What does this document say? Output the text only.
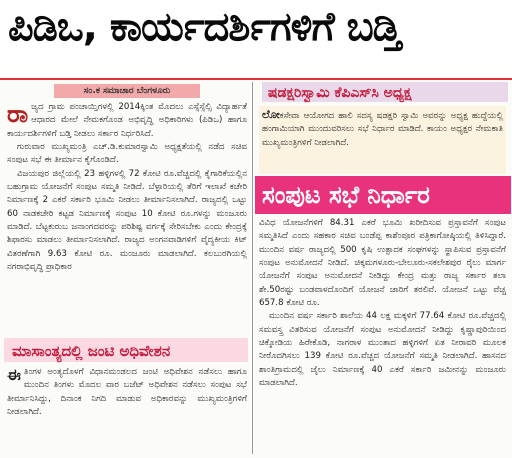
ಪಿಡಿಒ, ಕಾರ್ಯದರ್ಶಿಗಳಿಗೆ ಬಡ್ತಿ
ಸಂ.ಕ ಸಮಾಚಾರ ಬೆಂಗಳೂರು

ರಾಜ್ಯದ ಗ್ರಾಮ ಪಂಚಾಯ್ತಿಗಳಲ್ಲಿ 2014ಕ್ಕಿಂತ ಮೊದಲು ಎಸ್ಸೆಸ್ಸೆಲ್ಸಿ ವಿದ್ಯಾರ್ಹತೆ ಆಧಾರದ ಮೇಲೆ ನೇಮಕಗೊಂಡ ಅಭಿವೃದ್ಧಿ ಅಧಿಕಾರಿಗಳು (ಪಿಡಿಒ) ಹಾಗೂ ಕಾರ್ಯದರ್ಶಿಗಳಿಗೆ ಬಡ್ತಿ ನೀಡಲು ಸರ್ಕಾರ ನಿರ್ಧರಿಸಿದೆ.

ಗುರುವಾರ ಮುಖ್ಯಮಂತ್ರಿ ಎಚ್.ಡಿ.ಕುಮಾರಸ್ವಾಮಿ ಅಧ್ಯಕ್ಷತೆಯಲ್ಲಿ ನಡೆದ ಸಚಿವ ಸಂಪುಟ ಸಭೆ ಈ ತೀರ್ಮಾನ ಕೈಗೊಂಡಿದೆ.

ವಿಜಯಪುರ ಜಿಲ್ಲೆಯಲ್ಲಿ 23 ಹಳ್ಳಿಗಳಲ್ಲಿ 72 ಕೋಟಿ ರೂ.ವೆಚ್ಚದಲ್ಲಿ ಕೈಗಾರಿಕೆಯಲ್ಲಿನ ಬಹುಗ್ರಾಮ ಯೋಜನೆಗೆ ಸಂಪುಟ ಸಮ್ಮತಿ ನೀಡಿದೆ. ಬೆಳ್ಳಾರಿಯಲ್ಲಿ ತೆರಿಗೆ ಇಲಾಖೆ ಕಚೇರಿ ನಿರ್ಮಾಣಕ್ಕೆ 2 ಎಕರೆ ಸರ್ಕಾರಿ ಭೂಮಿ ನೀಡಲು ತೀರ್ಮಾನಿಸಲಾಗಿದೆ. ರಾಜ್ಯದಲ್ಲಿ ಒಟ್ಟು 60 ನಾಡಕಚೇರಿ ಕಟ್ಟಡ ನಿರ್ಮಾಣಕ್ಕೆ ಸಂಪುಟ 10 ಕೋಟಿ ರೂ.ಗಳನ್ನು ಮಂಜೂರು ಮಾಡಿದೆ. ಬೆಟ್ಟಕುರುಬ ಜನಾಂಗದವರನ್ನು ಪರಿಶಿಷ್ಟ ವರ್ಗಕ್ಕೆ ಸೇರಿಸಬೇಕು ಎಂದು ಕೇಂದ್ರಕ್ಕೆ ಶಿಫಾರಸು ಮಾಡಲು ತೀರ್ಮಾನಿಸಲಾಗಿದೆ. ರಾಜ್ಯದ ಅಂಗನವಾಡಿಗಳಿಗೆ ವೈದ್ಯಕೀಯ ಕಿಟ್ ವಿತರಣೆಗಾಗಿ 9.63 ಕೋಟಿ ರೂ. ಮಂಜೂರು ಮಾಡಲಾಗಿದೆ. ಕಲಬುರಗಿಯಲ್ಲಿ ನಗರಾಭಿವೃದ್ಧಿ ಪ್ರಾಧಿಕಾರ

ಷಡಕ್ಷರಿಸ್ವಾಮಿ ಕೆಪಿಎಸ್‌ಸಿ ಅಧ್ಯಕ್ಷ

ಲೋಕಸೇವಾ ಆಯೋಗದ ಹಾಲಿ ಸದಸ್ಯ ಷಡಕ್ಷರಿ ಸ್ವಾಮಿ ಅವರನ್ನು ಅಧ್ಯಕ್ಷ ಹುದ್ದೆಯಲ್ಲಿ ಹಂಗಾಮಿಯಾಗಿ ಮುಂದುವರಿಸಲು ಸಭೆ ನಿರ್ಧಾರ ಮಾಡಿದೆ. ಕಾಯಂ ಅಧ್ಯಕ್ಷರ ನೇಮಕಾತಿ ಮುಖ್ಯಮಂತ್ರಿಗಳಿಗೆ ನೀಡಲಾಗಿದೆ.

ಸಂಪುಟ ಸಭೆ ನಿರ್ಧಾರ

ವಿವಿಧ ಯೋಜನೆಗಳಿಗೆ 84.31 ಎಕರೆ ಭೂಮಿ ಖರೀದಿಸುವ ಪ್ರಸ್ತಾವನೆಗೆ ಸಂಪುಟ ಸಮ್ಮತಿಸಿದೆ ಎಂದು ಸಹಕಾರ ಸಚಿವ ಬಂಡೆಪ್ಪ ಕಾಶೆಂಪೂರ ಪತ್ರಿಕಾಗೋಷ್ಠಿಯಲ್ಲಿ ತಿಳಿಸಿದ್ದಾರೆ. ಮುಂದಿನ ವರ್ಷ ರಾಜ್ಯದಲ್ಲಿ 500 ಕೃಷಿ ಉತ್ಪಾದಕ ಸಂಘಗಳನ್ನು ಸ್ಥಾಪಿಸುವ ಪ್ರಸ್ತಾವನೆಗೆ ಸಂಪುಟ ಅನುಮೋದನೆ ನೀಡಿದೆ. ಚಿಕ್ಕಮಗಳೂರು-ಬೇಲೂರು-ಸಕಲೇಶಪುರ ರೈಲು ಮಾರ್ಗ ಯೋಜನೆಗೆ ಸಂಪುಟ ಅನುಮೋದನೆ ನೀಡಿದ್ದು ಕೇಂದ್ರ ಮತ್ತು ರಾಜ್ಯ ಸರ್ಕಾರ ತಲಾ ಶೇ.50ರಷ್ಟು ಬಂಡವಾಳದೊಂದಿಗೆ ಯೋಜನೆ ಜಾರಿಗೆ ತರಲಿವೆ. ಯೋಜನೆ ಒಟ್ಟು ವೆಚ್ಚ 657.8 ಕೋಟಿ ರೂ.

ಮುಂದಿನ ವರ್ಷ ಸರ್ಕಾರಿ ಶಾಲೆಯ 44 ಲಕ್ಷ ಮಕ್ಕಳಿಗೆ 77.64 ಕೋಟಿ ರೂ.ವೆಚ್ಚದಲ್ಲಿ ಸಮವಸ್ತ್ರ ವಿತರಿಸುವ ಯೋಜನೆಗೆ ಸಂಪುಟ ಅನುಮೋದನೆ ನೀಡಿದ್ದು ಕೃಷ್ಣಾಪುರಿಯಿಂದ ಚಿಕ್ಕೋಡಿಯ ಹಿರೇಕೊಡಿ, ನಾಗರಾಳ ಮುಂತಾದ ಹಳ್ಳಿಗಳಿಗೆ ಏತ ನೀರಾವರಿ ಮೂಲಕ ನೀರೊದಗಿಸಲು 139 ಕೋಟಿ ರೂ.ವೆಚ್ಚದ ಯೋಜನೆಗೆ ಸಮ್ಮತಿ ನೀಡಲಾಗಿದೆ. ಹಾಸನದ ಶಾಂತಿಗ್ರಾಮದಲ್ಲಿ ಜೈಲು ನಿರ್ಮಾಣಕ್ಕೆ 40 ಎಕರೆ ಸರ್ಕಾರಿ ಜಮೀನನ್ನು ಮಂಜೂರು ಮಾಡಲಾಗಿದೆ.

ಮಾಸಾಂತ್ಯದಲ್ಲಿ ಜಂಟಿ ಅಧಿವೇಶನ

ಈತಿಂಗಳ ಅಂತ್ಯದೊಳಗೆ ವಿಧಾನಮಂಡಲದ ಜಂಟಿ ಅಧಿವೇಶನ ನಡೆಸಲು ಹಾಗೂ ಮುಂದಿನ ತಿಂಗಳು ಮೊದಲ ವಾರ ಬಜೆಟ್ ಅಧಿವೇಶನ ನಡೆಸಲು ಸಂಪುಟ ಸಭೆ ತೀರ್ಮಾನಿಸಿದ್ದು, ದಿನಾಂಕ ನಿಗದಿ ಮಾಡುವ ಅಧಿಕಾರವನ್ನು ಮುಖ್ಯಮಂತ್ರಿಗಳಿಗೆ ನೀಡಲಾಗಿದೆ.
